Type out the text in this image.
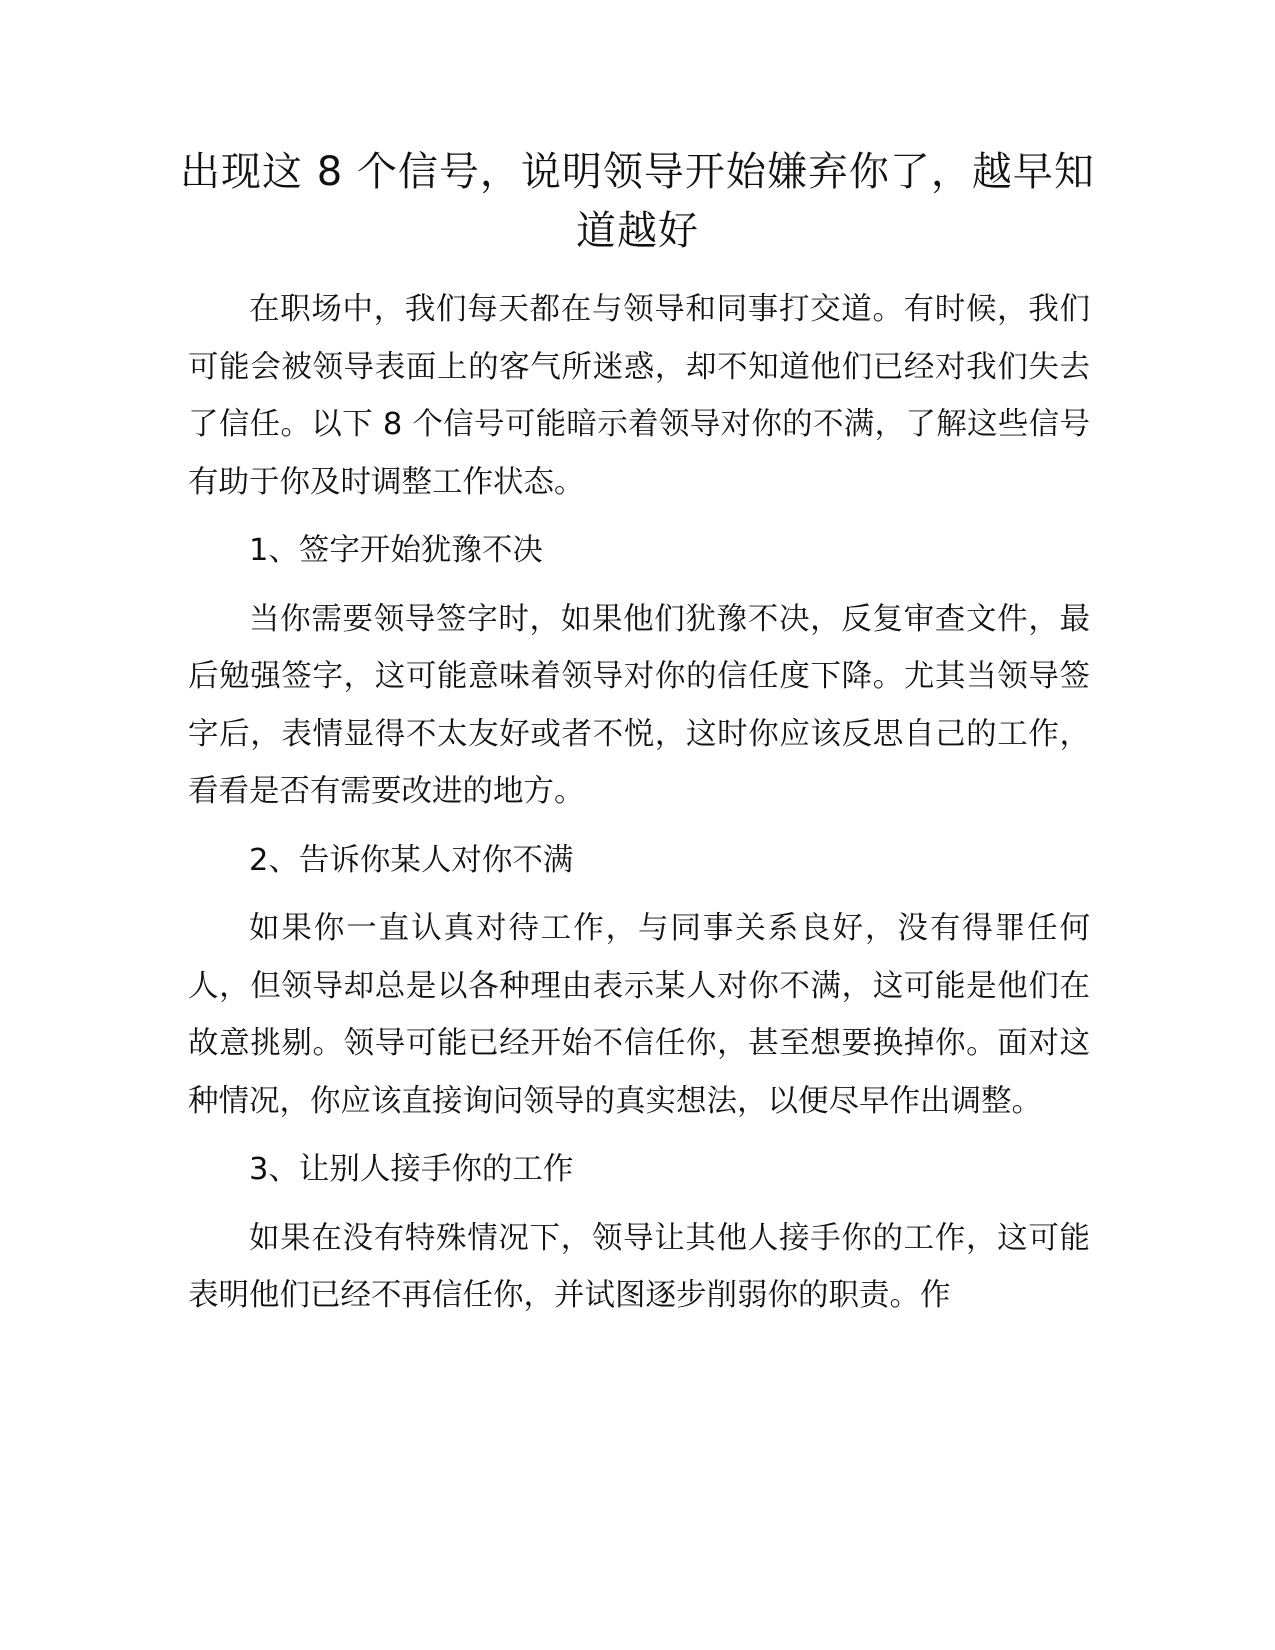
出现这 8 个信号，说明领导开始嫌弃你了，越早知道越好

在职场中，我们每天都在与领导和同事打交道。有时候，我们可能会被领导表面上的客气所迷惑，却不知道他们已经对我们失去了信任。以下 8 个信号可能暗示着领导对你的不满，了解这些信号有助于你及时调整工作状态。

1、签字开始犹豫不决

当你需要领导签字时，如果他们犹豫不决，反复审查文件，最后勉强签字，这可能意味着领导对你的信任度下降。尤其当领导签字后，表情显得不太友好或者不悦，这时你应该反思自己的工作，看看是否有需要改进的地方。

2、告诉你某人对你不满

如果你一直认真对待工作，与同事关系良好，没有得罪任何人，但领导却总是以各种理由表示某人对你不满，这可能是他们在故意挑剔。领导可能已经开始不信任你，甚至想要换掉你。面对这种情况，你应该直接询问领导的真实想法，以便尽早作出调整。

3、让别人接手你的工作

如果在没有特殊情况下，领导让其他人接手你的工作，这可能表明他们已经不再信任你，并试图逐步削弱你的职责。作
